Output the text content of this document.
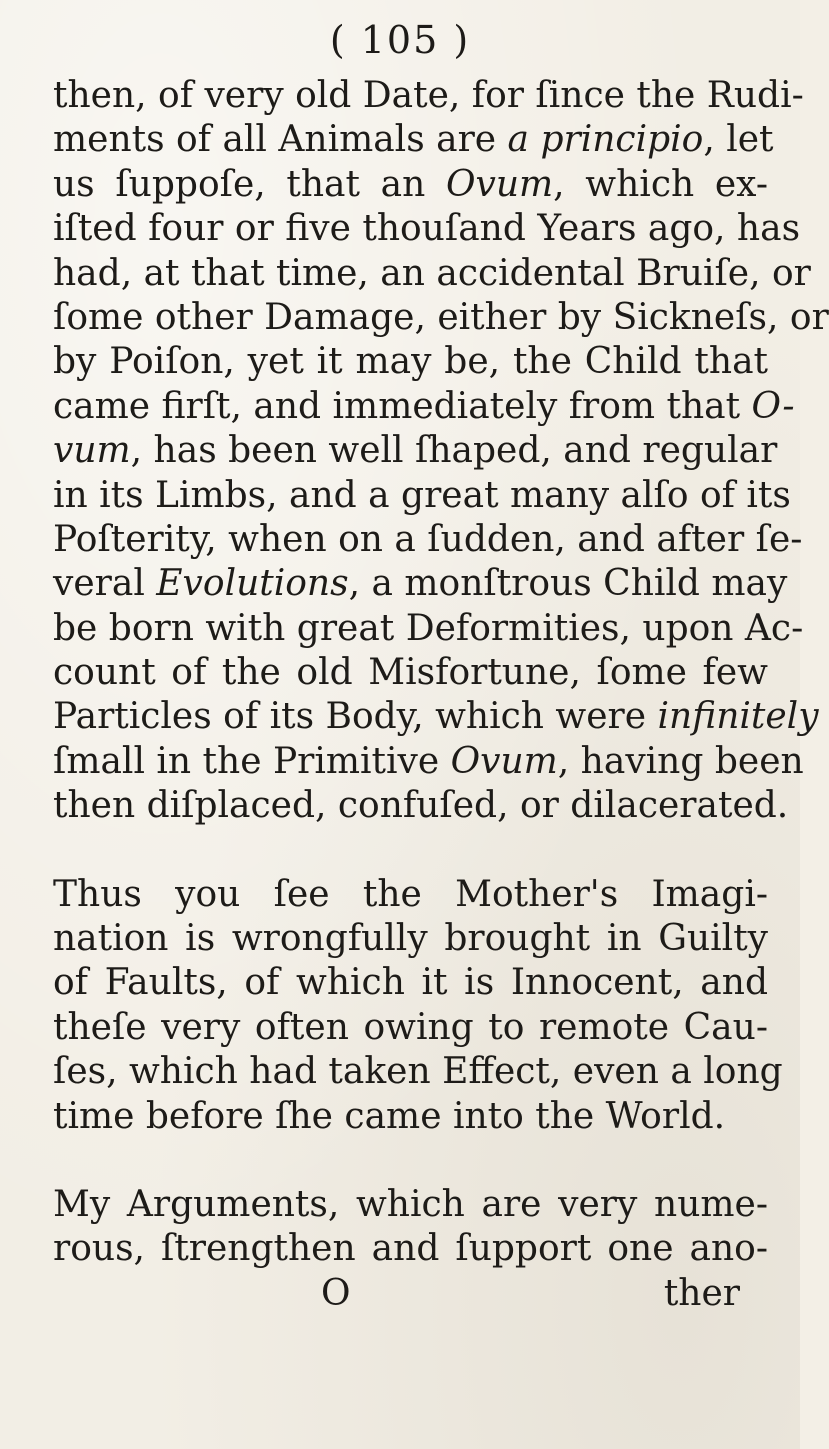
( 105 )
then, of very old Date, for ſince the Rudi-
ments of all Animals are a principio, let
us ſuppoſe, that an Ovum, which ex-
iſted four or five thouſand Years ago, has
had, at that time, an accidental Bruiſe, or
ſome other Damage, either by Sickneſs, or
by Poiſon, yet it may be, the Child that
came firſt, and immediately from that O-
vum, has been well ſhaped, and regular
in its Limbs, and a great many alſo of its
Poſterity, when on a ſudden, and after ſe-
veral Evolutions, a monſtrous Child may
be born with great Deformities, upon Ac-
count of the old Misfortune, ſome few
Particles of its Body, which were infinitely
ſmall in the Primitive Ovum, having been
then diſplaced, confuſed, or dilacerated.
Thus you ſee the Mother's Imagi-
nation is wrongfully brought in Guilty
of Faults, of which it is Innocent, and
theſe very often owing to remote Cau-
ſes, which had taken Effect, even a long
time before ſhe came into the World.
My Arguments, which are very nume-
rous, ſtrengthen and ſupport one ano-
O	ther
